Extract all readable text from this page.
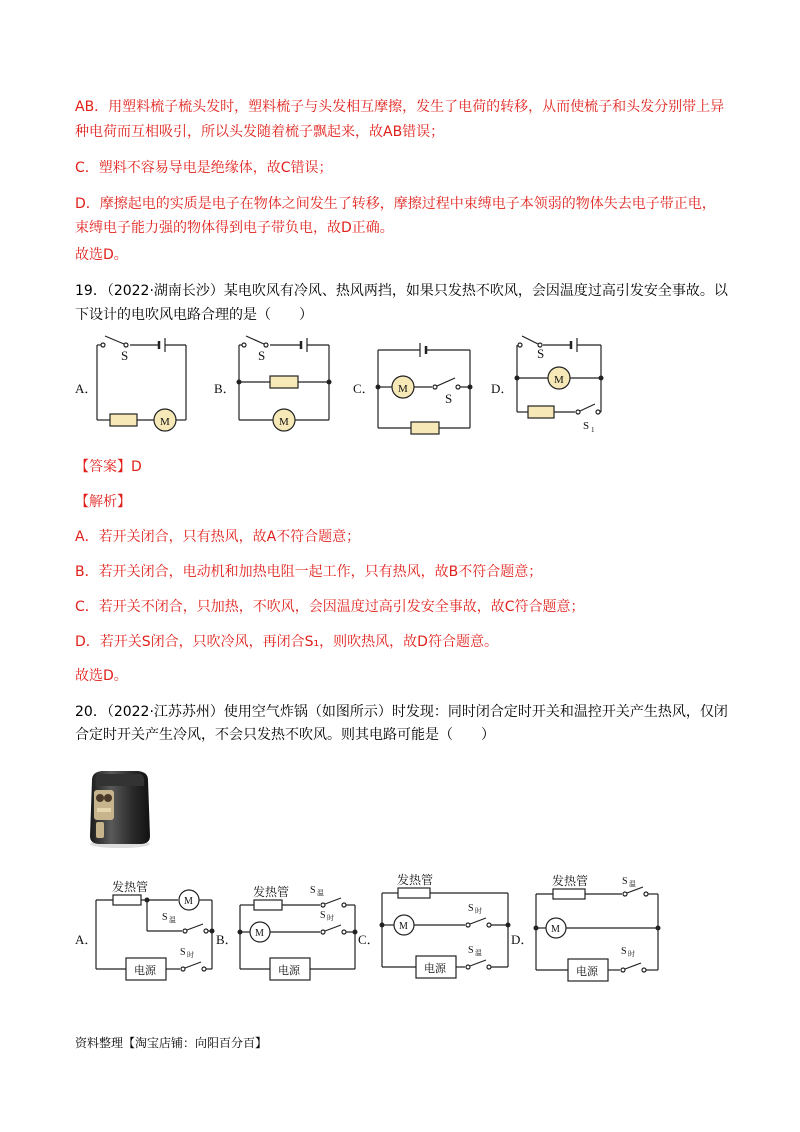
AB．用塑料梳子梳头发时，塑料梳子与头发相互摩擦，发生了电荷的转移，从而使梳子和头发分别带上异
种电荷而互相吸引，所以头发随着梳子飘起来，故AB错误；
C．塑料不容易导电是绝缘体，故C错误；
D．摩擦起电的实质是电子在物体之间发生了转移，摩擦过程中束缚电子本领弱的物体失去电子带正电，
束缚电子能力强的物体得到电子带负电，故D正确。
故选D。
19．（2022·湖南长沙）某电吹风有冷风、热风两挡，如果只发热不吹风，会因温度过高引发安全事故。以
下设计的电吹风电路合理的是（　　）
S
M
S
M
M
S
S
M
S 1
A．	B．	C．	D．
【答案】D
【解析】
A．若开关闭合，只有热风，故A不符合题意；
B．若开关闭合，电动机和加热电阻一起工作，只有热风，故B不符合题意；
C．若开关不闭合，只加热，不吹风，会因温度过高引发安全事故，故C符合题意；
D．若开关S闭合，只吹冷风，再闭合S₁，则吹热风，故D符合题意。
故选D。
20．（2022·江苏苏州）使用空气炸锅（如图所示）时发现：同时闭合定时开关和温控开关产生热风，仅闭
合定时开关产生冷风，不会只发热不吹风。则其电路可能是（　　）
发热管
M
S 温
S 时
电源
发热管 S 温
M
S 时
电源
发热管
M
S 时
S 温
电源
发热管	S 温
M
S 时
电源
A．	B．	C．	D．
资料整理【淘宝店铺：向阳百分百】
